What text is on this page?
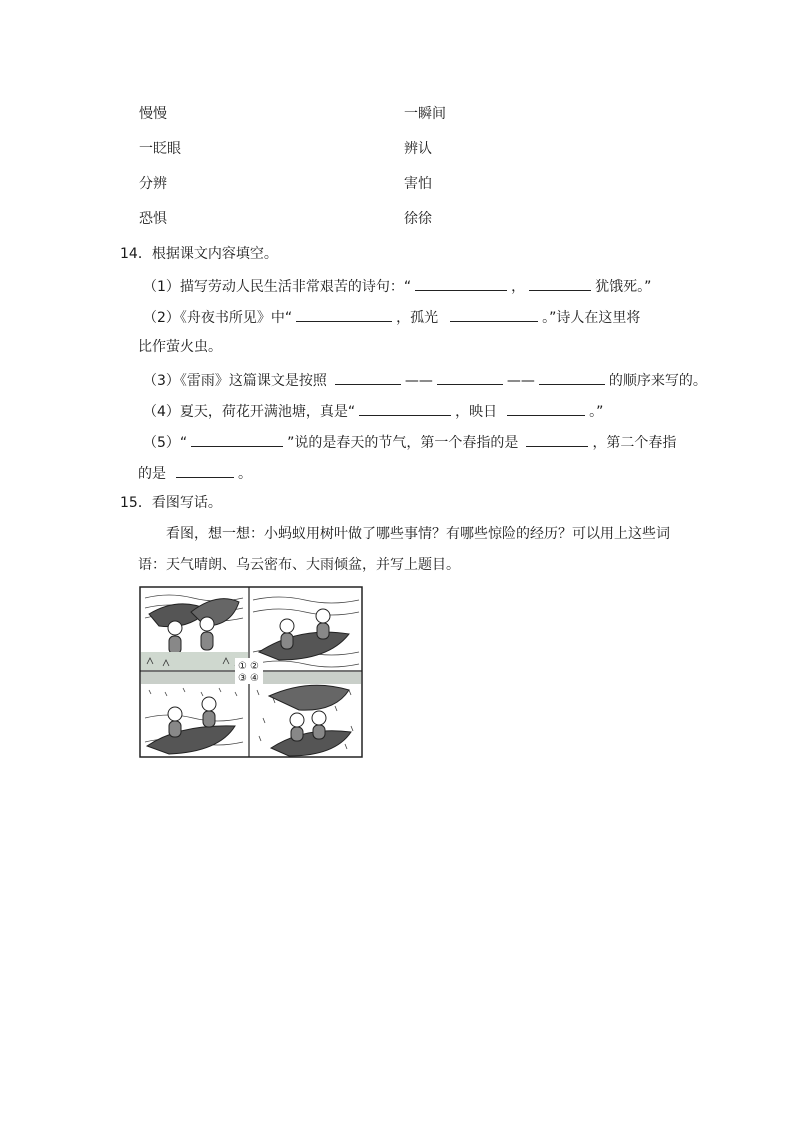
慢慢	一瞬间
一眨眼	辨认
分辨	害怕
恐惧	徐徐
14．根据课文内容填空。
（1）描写劳动人民生活非常艰苦的诗句：“	，	犹饿死。”
（2）《舟夜书所见》中“	，孤光	。”诗人在这里将
比作萤火虫。
（3）《雷雨》这篇课文是按照	——	——	的顺序来写的。
（4）夏天，荷花开满池塘，真是“	，映日	。”
（5）“	”说的是春天的节气，第一个春指的是	，第二个春指
的是	。
15．看图写话。
看图，想一想：小蚂蚁用树叶做了哪些事情？有哪些惊险的经历？可以用上这些词
语：天气晴朗、乌云密布、大雨倾盆，并写上题目。
① ②
③ ④
